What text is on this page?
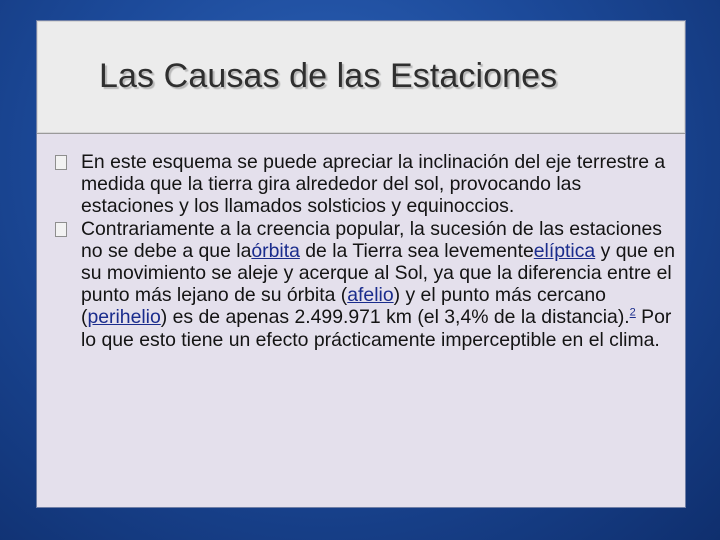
Las Causas de las Estaciones
En este esquema se puede apreciar la inclinación del eje terrestre a medida que la tierra gira alrededor del sol, provocando las estaciones y los llamados solsticios y equinoccios.
Contrariamente a la creencia popular, la sucesión de las estaciones no se debe a que laórbita de la Tierra sea levementeelíptica y que en su movimiento se aleje y acerque al Sol, ya que la diferencia entre el punto más lejano de su órbita (afelio) y el punto más cercano (perihelio) es de apenas 2.499.971 km (el 3,4% de la distancia).$^2$ Por lo que esto tiene un efecto prácticamente imperceptible en el clima.
